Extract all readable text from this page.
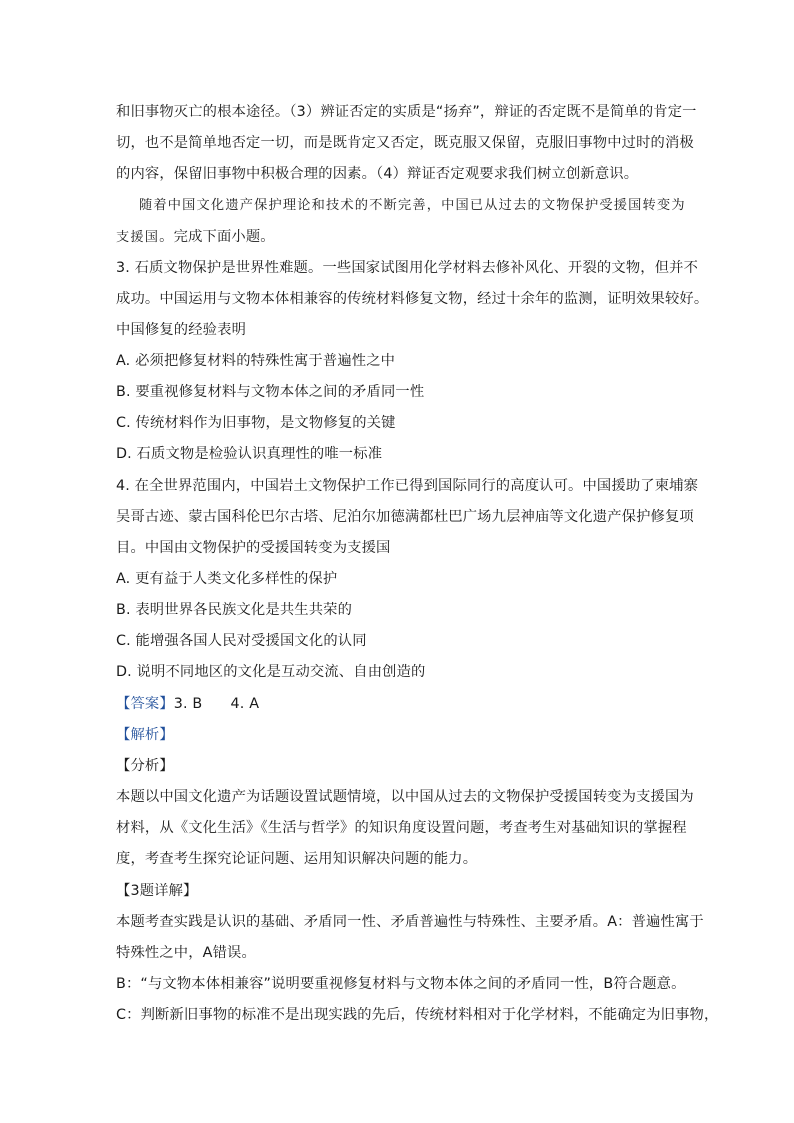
和旧事物灭亡的根本途径。（3）辨证否定的实质是“扬弃”，辩证的否定既不是简单的肯定一
切，也不是简单地否定一切，而是既肯定又否定，既克服又保留，克服旧事物中过时的消极
的内容，保留旧事物中积极合理的因素。（4）辩证否定观要求我们树立创新意识。
随着中国文化遗产保护理论和技术的不断完善，中国已从过去的文物保护受援国转变为
支援国。完成下面小题。
3. 石质文物保护是世界性难题。一些国家试图用化学材料去修补风化、开裂的文物，但并不
成功。中国运用与文物本体相兼容的传统材料修复文物，经过十余年的监测，证明效果较好。
中国修复的经验表明
A. 必须把修复材料的特殊性寓于普遍性之中
B. 要重视修复材料与文物本体之间的矛盾同一性
C. 传统材料作为旧事物，是文物修复的关键
D. 石质文物是检验认识真理性的唯一标准
4. 在全世界范围内，中国岩土文物保护工作已得到国际同行的高度认可。中国援助了柬埔寨
吴哥古迹、蒙古国科伦巴尔古塔、尼泊尔加德满都杜巴广场九层神庙等文化遗产保护修复项
目。中国由文物保护的受援国转变为支援国
A. 更有益于人类文化多样性的保护
B. 表明世界各民族文化是共生共荣的
C. 能增强各国人民对受援国文化的认同
D. 说明不同地区的文化是互动交流、自由创造的
【答案】3. B      4. A
【解析】
【分析】
本题以中国文化遗产为话题设置试题情境，以中国从过去的文物保护受援国转变为支援国为
材料，从《文化生活》《生活与哲学》的知识角度设置问题，考查考生对基础知识的掌握程
度，考查考生探究论证问题、运用知识解决问题的能力。
【3题详解】
本题考查实践是认识的基础、矛盾同一性、矛盾普遍性与特殊性、主要矛盾。A：普遍性寓于
特殊性之中，A错误。
B：“与文物本体相兼容”说明要重视修复材料与文物本体之间的矛盾同一性，B符合题意。
C：判断新旧事物的标准不是出现实践的先后，传统材料相对于化学材料，不能确定为旧事物，
